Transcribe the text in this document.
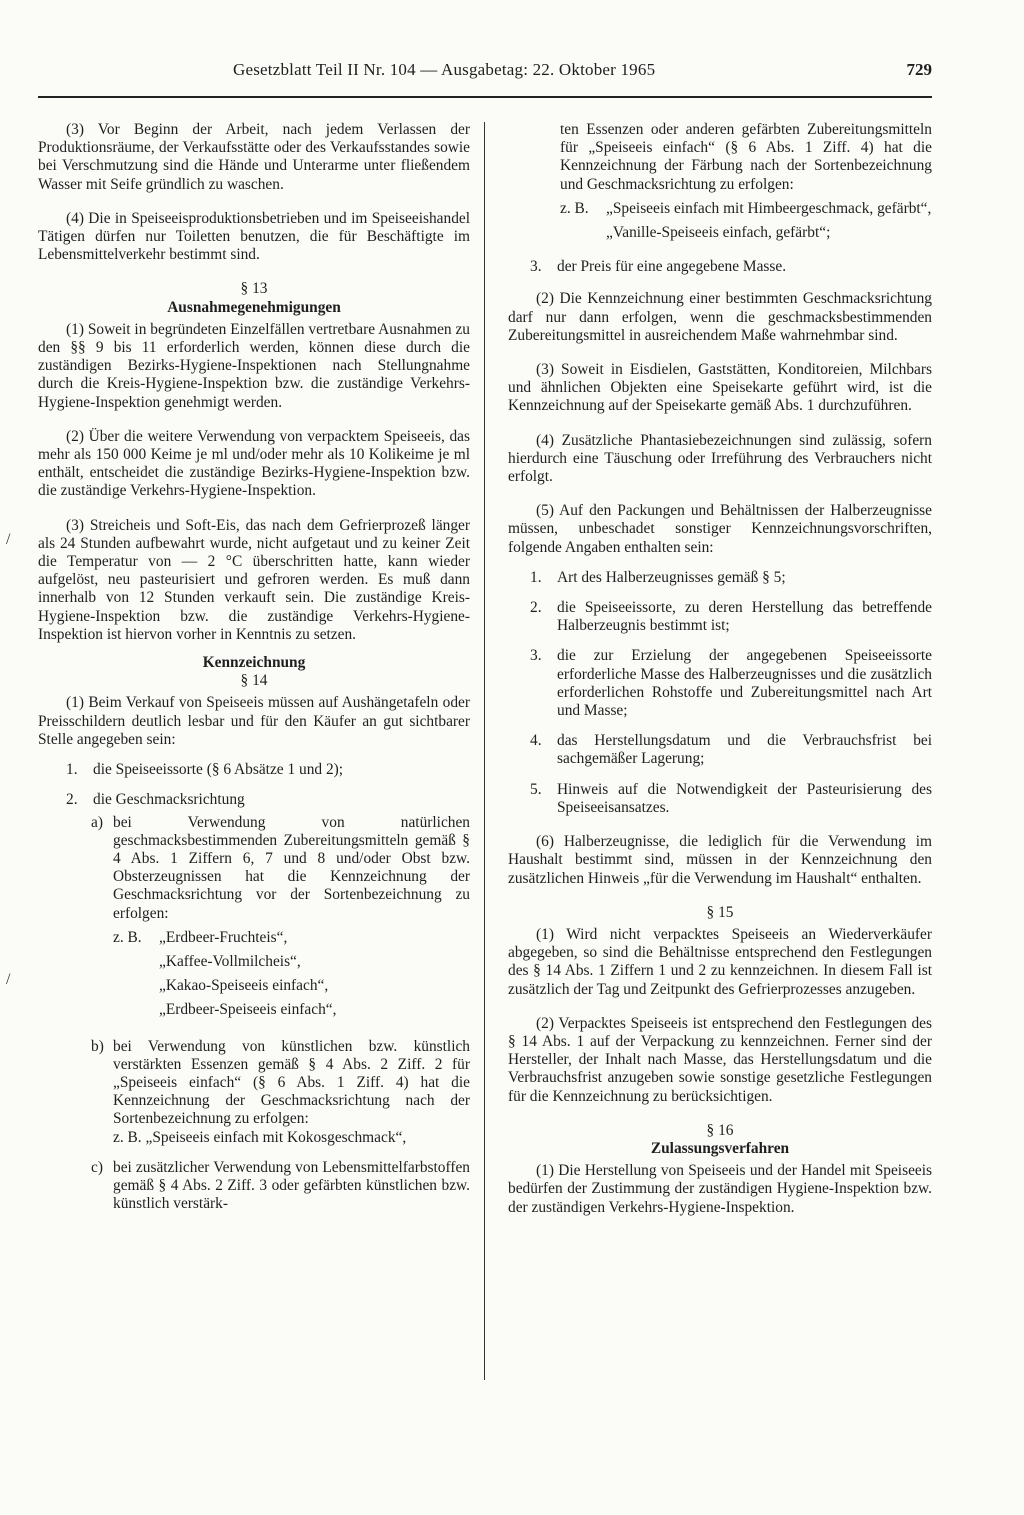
Gesetzblatt Teil II Nr. 104 — Ausgabetag: 22. Oktober 1965	729
/
/

(3) Vor Beginn der Arbeit, nach jedem Verlassen der Produktionsräume, der Verkaufsstätte oder des Verkaufsstandes sowie bei Verschmutzung sind die Hände und Unterarme unter fließendem Wasser mit Seife gründlich zu waschen.

(4) Die in Speiseeisproduktionsbetrieben und im Speiseeishandel Tätigen dürfen nur Toiletten benutzen, die für Beschäftigte im Lebensmittelverkehr bestimmt sind.

§ 13

Ausnahmegenehmigungen

(1) Soweit in begründeten Einzelfällen vertretbare Ausnahmen zu den §§ 9 bis 11 erforderlich werden, können diese durch die zuständigen Bezirks-Hygiene-Inspektionen nach Stellungnahme durch die Kreis-Hygiene-Inspektion bzw. die zuständige Verkehrs-Hygiene-Inspektion genehmigt werden.

(2) Über die weitere Verwendung von verpacktem Speiseeis, das mehr als 150 000 Keime je ml und/oder mehr als 10 Kolikeime je ml enthält, entscheidet die zuständige Bezirks-Hygiene-Inspektion bzw. die zuständige Verkehrs-Hygiene-Inspektion.

(3) Streicheis und Soft-Eis, das nach dem Gefrierprozeß länger als 24 Stunden aufbewahrt wurde, nicht aufgetaut und zu keiner Zeit die Temperatur von — 2 °C überschritten hatte, kann wieder aufgelöst, neu pasteurisiert und gefroren werden. Es muß dann innerhalb von 12 Stunden verkauft sein. Die zuständige Kreis-Hygiene-Inspektion bzw. die zuständige Verkehrs-Hygiene-Inspektion ist hiervon vorher in Kenntnis zu setzen.

Kennzeichnung

§ 14

(1) Beim Verkauf von Speiseeis müssen auf Aushängetafeln oder Preisschildern deutlich lesbar und für den Käufer an gut sichtbarer Stelle angegeben sein:

1.	die Speiseeissorte (§ 6 Absätze 1 und 2);
2.	die Geschmacksrichtung
a) bei Verwendung von natürlichen geschmacksbestimmenden Zubereitungsmitteln gemäß § 4 Abs. 1 Ziffern 6, 7 und 8 und/oder Obst bzw. Obsterzeugnissen hat die Kennzeichnung der Geschmacksrichtung vor der Sortenbezeichnung zu erfolgen:
z. B.	„Erdbeer-Fruchteis“,
„Kaffee-Vollmilcheis“,
„Kakao-Speiseeis einfach“,
„Erdbeer-Speiseeis einfach“,
b) bei Verwendung von künstlichen bzw. künstlich verstärkten Essenzen gemäß § 4 Abs. 2 Ziff. 2 für „Speiseeis einfach“ (§ 6 Abs. 1 Ziff. 4) hat die Kennzeichnung der Geschmacksrichtung nach der Sortenbezeichnung zu erfolgen:
z. B. „Speiseeis einfach mit Kokosgeschmack“,
c) bei zusätzlicher Verwendung von Lebensmittelfarbstoffen gemäß § 4 Abs. 2 Ziff. 3 oder gefärbten künstlichen bzw. künstlich verstärk-
ten Essenzen oder anderen gefärbten Zubereitungsmitteln für „Speiseeis einfach“ (§ 6 Abs. 1 Ziff. 4) hat die Kennzeichnung der Färbung nach der Sortenbezeichnung und Geschmacksrichtung zu erfolgen:
z. B.	„Speiseeis einfach mit Himbeergeschmack, gefärbt“,
„Vanille-Speiseeis einfach, gefärbt“;
3.	der Preis für eine angegebene Masse.

(2) Die Kennzeichnung einer bestimmten Geschmacksrichtung darf nur dann erfolgen, wenn die geschmacksbestimmenden Zubereitungsmittel in ausreichendem Maße wahrnehmbar sind.

(3) Soweit in Eisdielen, Gaststätten, Konditoreien, Milchbars und ähnlichen Objekten eine Speisekarte geführt wird, ist die Kennzeichnung auf der Speisekarte gemäß Abs. 1 durchzuführen.

(4) Zusätzliche Phantasiebezeichnungen sind zulässig, sofern hierdurch eine Täuschung oder Irreführung des Verbrauchers nicht erfolgt.

(5) Auf den Packungen und Behältnissen der Halberzeugnisse müssen, unbeschadet sonstiger Kennzeichnungsvorschriften, folgende Angaben enthalten sein:

1.	Art des Halberzeugnisses gemäß § 5;
2.	die Speiseeissorte, zu deren Herstellung das betreffende Halberzeugnis bestimmt ist;
3.	die zur Erzielung der angegebenen Speiseeissorte erforderliche Masse des Halberzeugnisses und die zusätzlich erforderlichen Rohstoffe und Zubereitungsmittel nach Art und Masse;
4.	das Herstellungsdatum und die Verbrauchsfrist bei sachgemäßer Lagerung;
5.	Hinweis auf die Notwendigkeit der Pasteurisierung des Speiseeisansatzes.

(6) Halberzeugnisse, die lediglich für die Verwendung im Haushalt bestimmt sind, müssen in der Kennzeichnung den zusätzlichen Hinweis „für die Verwendung im Haushalt“ enthalten.

§ 15

(1) Wird nicht verpacktes Speiseeis an Wiederverkäufer abgegeben, so sind die Behältnisse entsprechend den Festlegungen des § 14 Abs. 1 Ziffern 1 und 2 zu kennzeichnen. In diesem Fall ist zusätzlich der Tag und Zeitpunkt des Gefrierprozesses anzugeben.

(2) Verpacktes Speiseeis ist entsprechend den Festlegungen des § 14 Abs. 1 auf der Verpackung zu kennzeichnen. Ferner sind der Hersteller, der Inhalt nach Masse, das Herstellungsdatum und die Verbrauchsfrist anzugeben sowie sonstige gesetzliche Festlegungen für die Kennzeichnung zu berücksichtigen.

§ 16

Zulassungsverfahren

(1) Die Herstellung von Speiseeis und der Handel mit Speiseeis bedürfen der Zustimmung der zuständigen Hygiene-Inspektion bzw. der zuständigen Verkehrs-Hygiene-Inspektion.
